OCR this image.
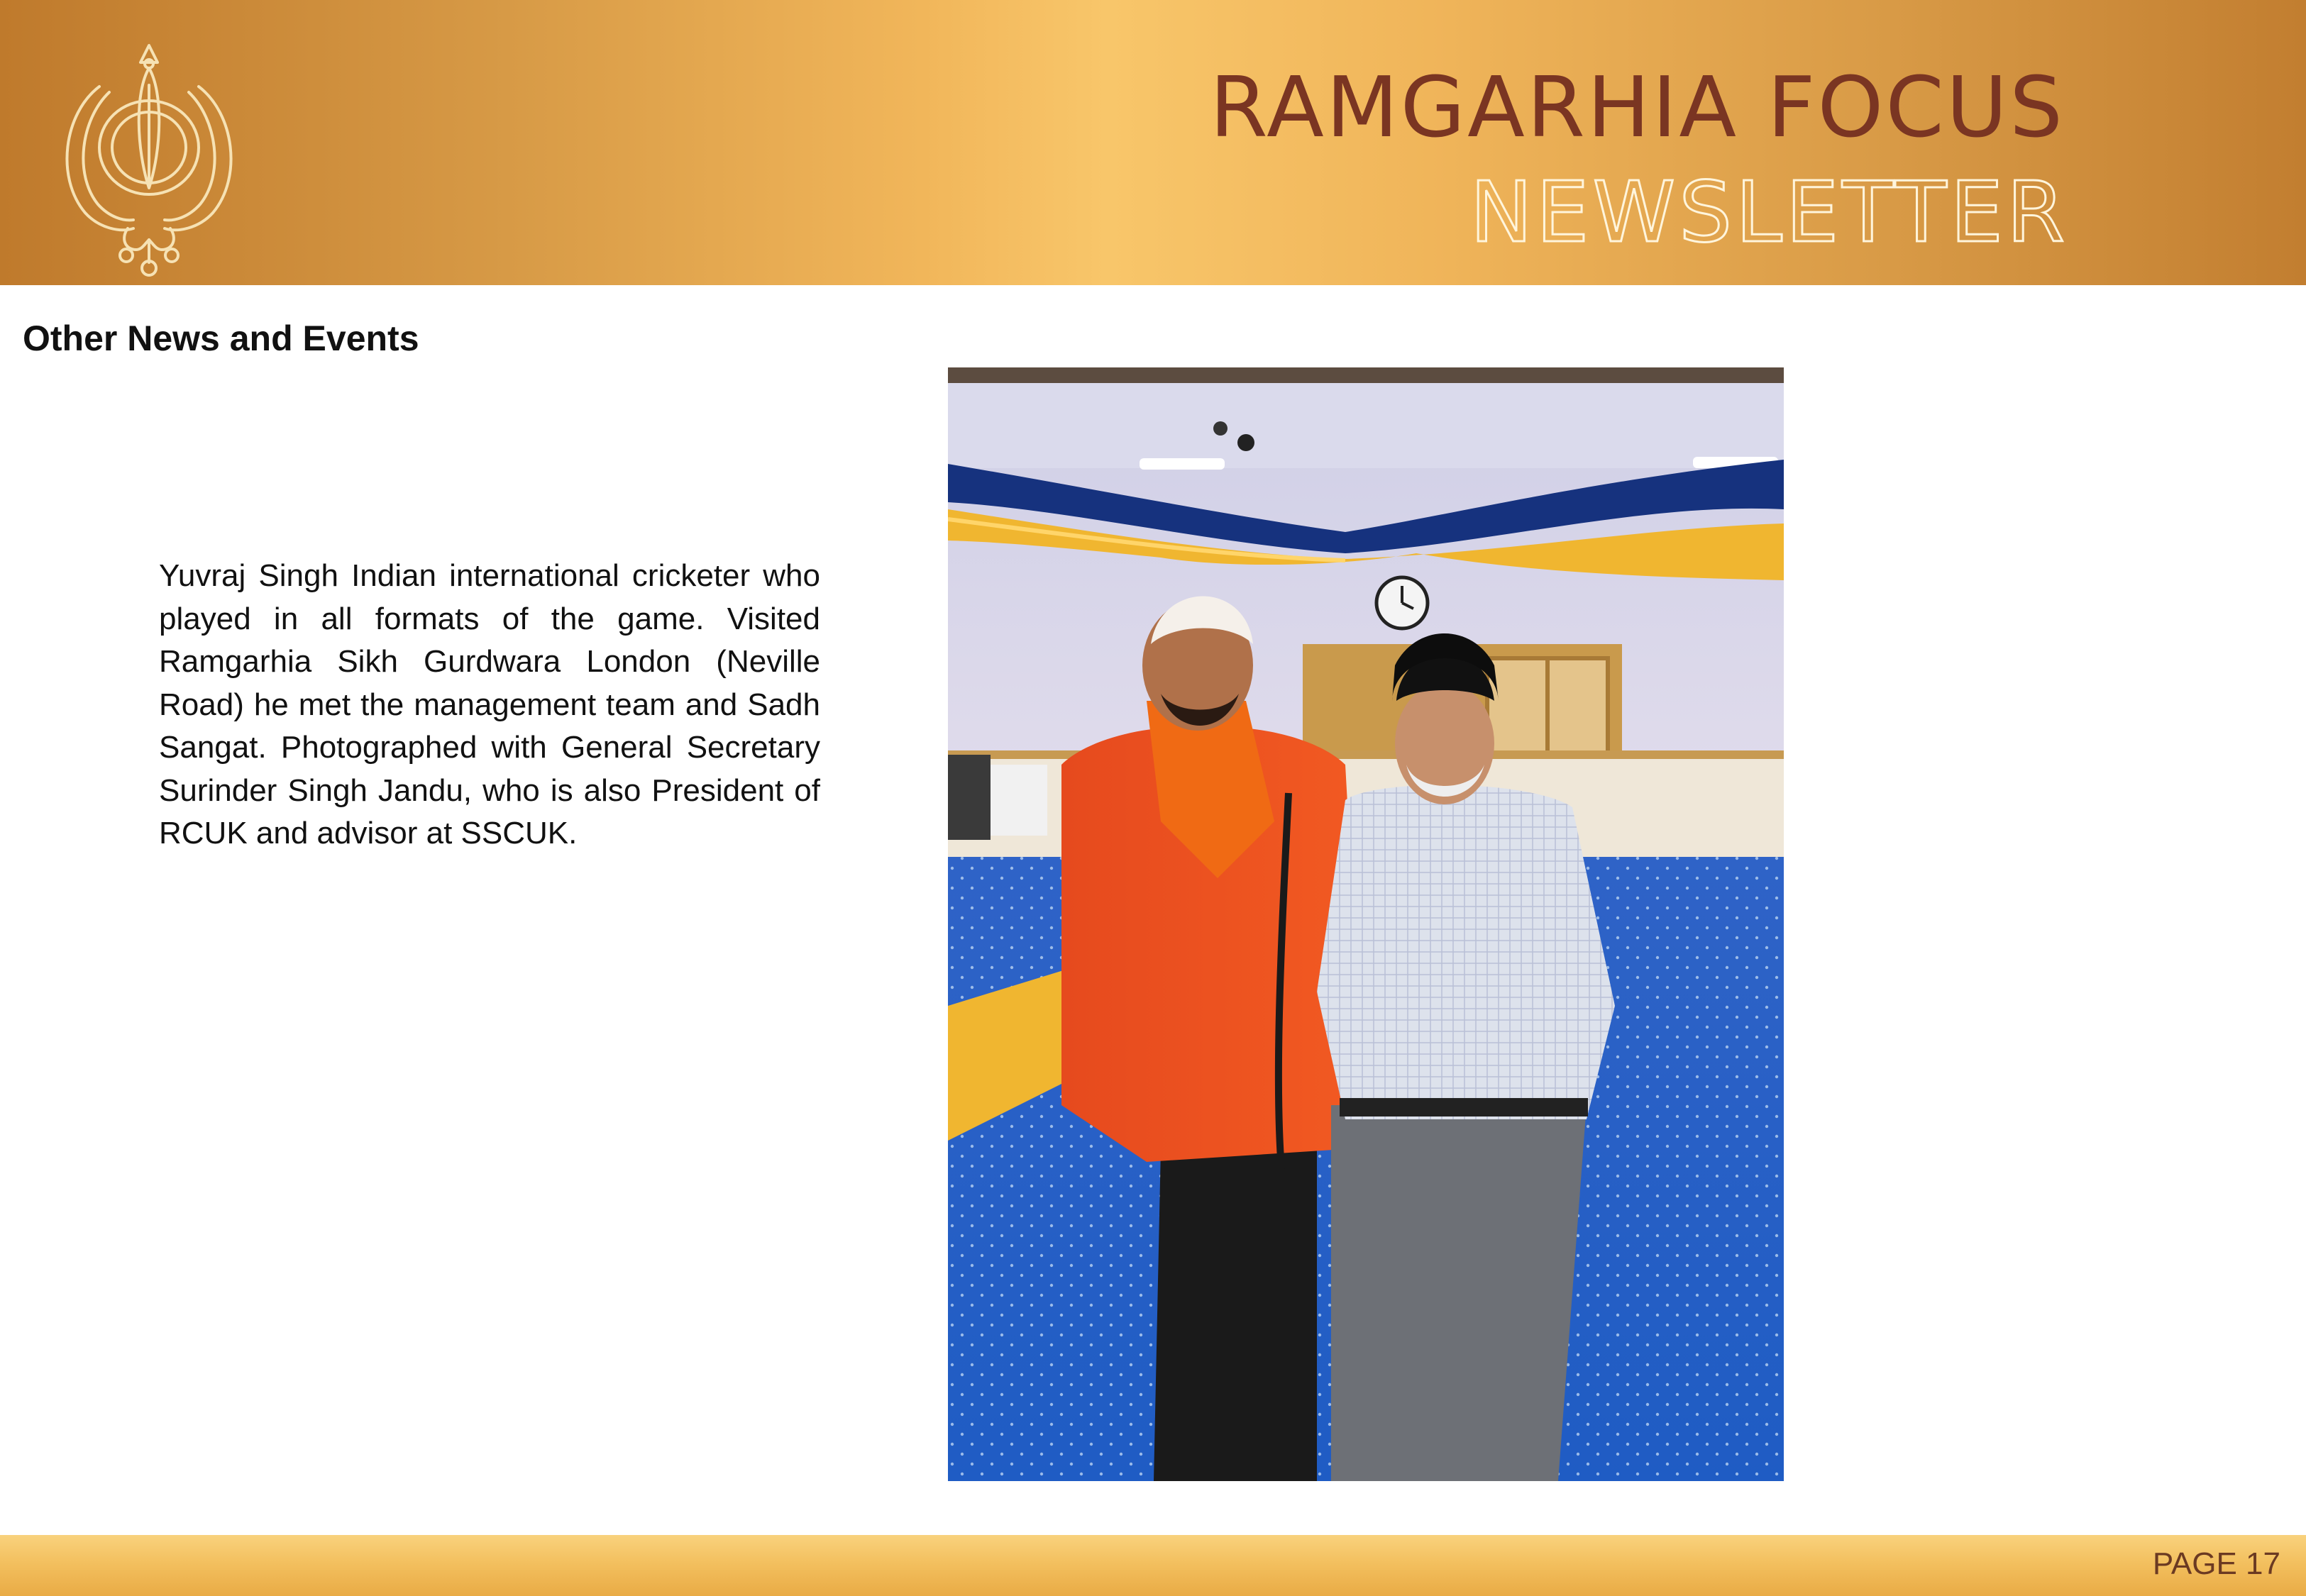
RAMGARHIA FOCUS
NEWSLETTER
Other News and Events
Yuvraj Singh Indian international cricketer who played in all formats of the game. Visited Ramgarhia Sikh Gurdwara London (Neville Road) he met the management team and Sadh Sangat. Photographed with General Secretary Surinder Singh Jandu, who is also President of RCUK and advisor at SSCUK.
PAGE 17
